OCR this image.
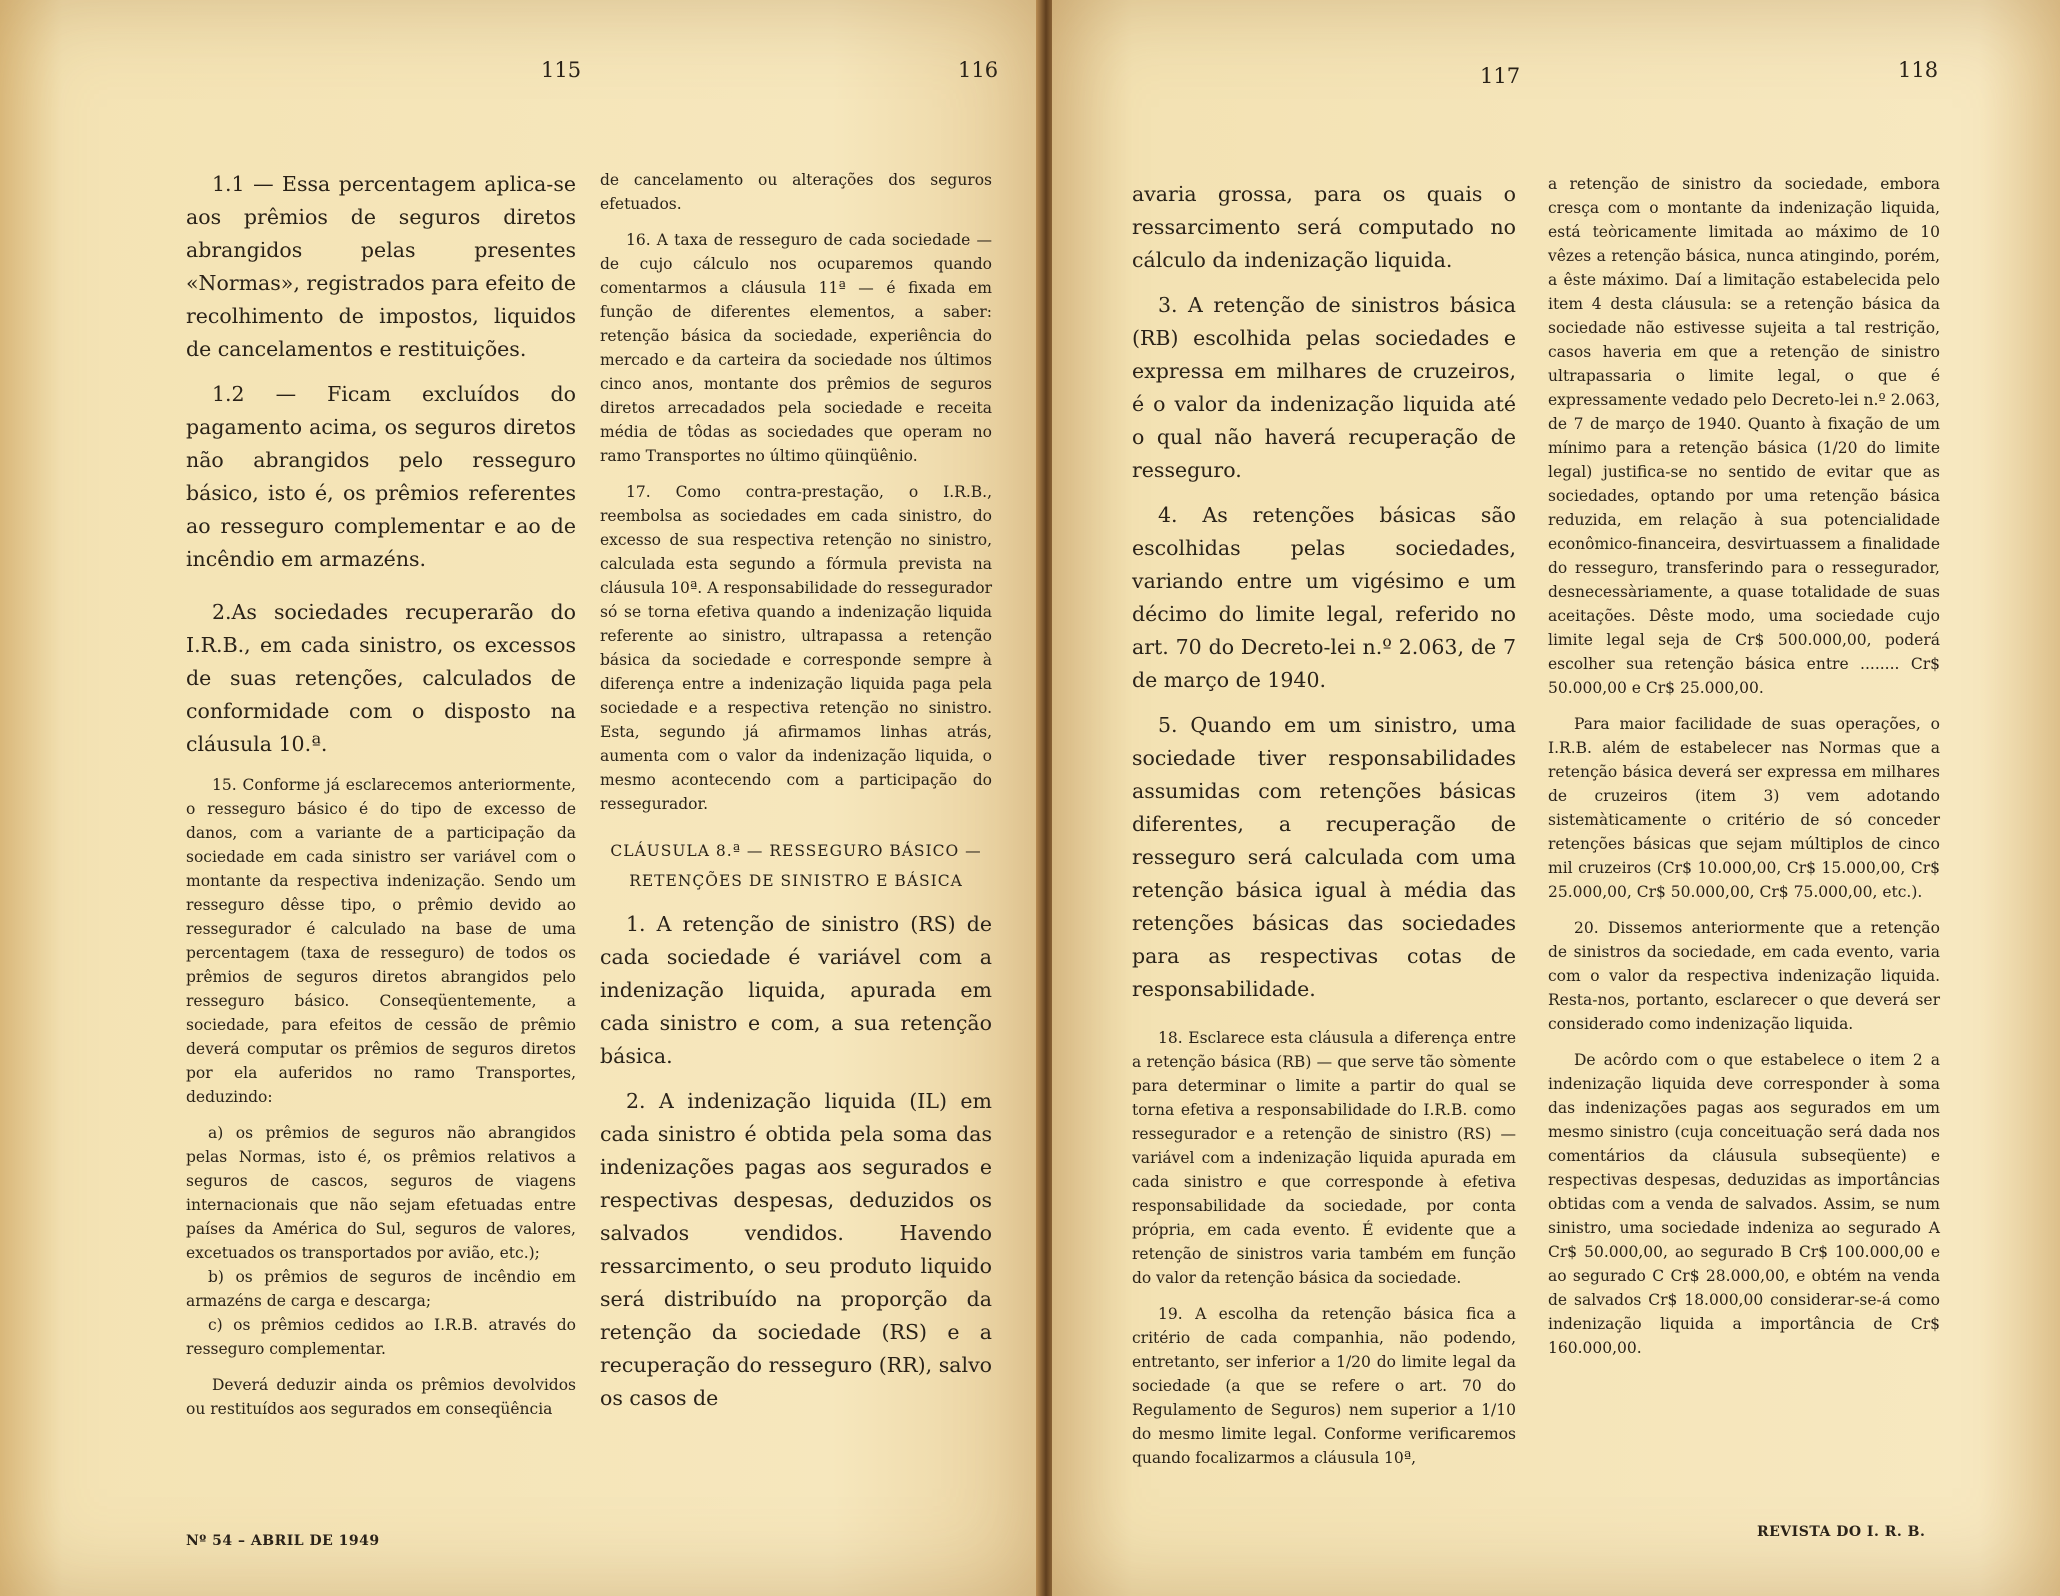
115	116

1.1 — Essa percentagem aplica-se aos prêmios de seguros diretos abrangidos pelas presentes «Normas», registrados para efeito de recolhimento de impostos, liquidos de cancelamentos e restituições.

1.2 — Ficam excluídos do pagamento acima, os seguros diretos não abrangidos pelo resseguro básico, isto é, os prêmios referentes ao resseguro complementar e ao de incêndio em armazéns.

2.As sociedades recuperarão do I.R.B., em cada sinistro, os excessos de suas retenções, calculados de conformidade com o disposto na cláusula 10.ª.

15. Conforme já esclarecemos anteriormente, o resseguro básico é do tipo de excesso de danos, com a variante de a participação da sociedade em cada sinistro ser variável com o montante da respectiva indenização. Sendo um resseguro dêsse tipo, o prêmio devido ao ressegurador é calculado na base de uma percentagem (taxa de resseguro) de todos os prêmios de seguros diretos abrangidos pelo resseguro básico. Conseqüentemente, a sociedade, para efeitos de cessão de prêmio deverá computar os prêmios de seguros diretos por ela auferidos no ramo Transportes, deduzindo:

a) os prêmios de seguros não abrangidos pelas Normas, isto é, os prêmios relativos a seguros de cascos, seguros de viagens internacionais que não sejam efetuadas entre países da América do Sul, seguros de valores, excetuados os transportados por avião, etc.);

b) os prêmios de seguros de incêndio em armazéns de carga e descarga;

c) os prêmios cedidos ao I.R.B. através do resseguro complementar.

Deverá deduzir ainda os prêmios devolvidos ou restituídos aos segurados em conseqüência

de cancelamento ou alterações dos seguros efetuados.

16. A taxa de resseguro de cada sociedade — de cujo cálculo nos ocuparemos quando comentarmos a cláusula 11ª — é fixada em função de diferentes elementos, a saber: retenção básica da sociedade, experiência do mercado e da carteira da sociedade nos últimos cinco anos, montante dos prêmios de seguros diretos arrecadados pela sociedade e receita média de tôdas as sociedades que operam no ramo Transportes no último qüinqüênio.

17. Como contra-prestação, o I.R.B., reembolsa as sociedades em cada sinistro, do excesso de sua respectiva retenção no sinistro, calculada esta segundo a fórmula prevista na cláusula 10ª. A responsabilidade do ressegurador só se torna efetiva quando a indenização liquida referente ao sinistro, ultrapassa a retenção básica da sociedade e corresponde sempre à diferença entre a indenização liquida paga pela sociedade e a respectiva retenção no sinistro. Esta, segundo já afirmamos linhas atrás, aumenta com o valor da indenização liquida, o mesmo acontecendo com a participação do ressegurador.

CLÁUSULA 8.ª — RESSEGURO BÁSICO —

RETENÇÕES DE SINISTRO E BÁSICA

1. A retenção de sinistro (RS) de cada sociedade é variável com a indenização liquida, apurada em cada sinistro e com, a sua retenção básica.

2. A indenização liquida (IL) em cada sinistro é obtida pela soma das indenizações pagas aos segurados e respectivas despesas, deduzidos os salvados vendidos. Havendo ressarcimento, o seu produto liquido será distribuído na proporção da retenção da sociedade (RS) e a recuperação do resseguro (RR), salvo os casos de

Nº 54 – ABRIL DE 1949
117	118

avaria grossa, para os quais o ressarcimento será computado no cálculo da indenização liquida.

3. A retenção de sinistros básica (RB) escolhida pelas sociedades e expressa em milhares de cruzeiros, é o valor da indenização liquida até o qual não haverá recuperação de resseguro.

4. As retenções básicas são escolhidas pelas sociedades, variando entre um vigésimo e um décimo do limite legal, referido no art. 70 do Decreto-lei n.º 2.063, de 7 de março de 1940.

5. Quando em um sinistro, uma sociedade tiver responsabilidades assumidas com retenções básicas diferentes, a recuperação de resseguro será calculada com uma retenção básica igual à média das retenções básicas das sociedades para as respectivas cotas de responsabilidade.

18. Esclarece esta cláusula a diferença entre a retenção básica (RB) — que serve tão sòmente para determinar o limite a partir do qual se torna efetiva a responsabilidade do I.R.B. como ressegurador e a retenção de sinistro (RS) — variável com a indenização liquida apurada em cada sinistro e que corresponde à efetiva responsabilidade da sociedade, por conta própria, em cada evento. É evidente que a retenção de sinistros varia também em função do valor da retenção básica da sociedade.

19. A escolha da retenção básica fica a critério de cada companhia, não podendo, entretanto, ser inferior a 1/20 do limite legal da sociedade (a que se refere o art. 70 do Regulamento de Seguros) nem superior a 1/10 do mesmo limite legal. Conforme verificaremos quando focalizarmos a cláusula 10ª,

a retenção de sinistro da sociedade, embora cresça com o montante da indenização liquida, está teòricamente limitada ao máximo de 10 vêzes a retenção básica, nunca atingindo, porém, a êste máximo. Daí a limitação estabelecida pelo item 4 desta cláusula: se a retenção básica da sociedade não estivesse sujeita a tal restrição, casos haveria em que a retenção de sinistro ultrapassaria o limite legal, o que é expressamente vedado pelo Decreto-lei n.º 2.063, de 7 de março de 1940. Quanto à fixação de um mínimo para a retenção básica (1/20 do limite legal) justifica-se no sentido de evitar que as sociedades, optando por uma retenção básica reduzida, em relação à sua potencialidade econômico-financeira, desvirtuassem a finalidade do resseguro, transferindo para o ressegurador, desnecessàriamente, a quase totalidade de suas aceitações. Dêste modo, uma sociedade cujo limite legal seja de Cr$ 500.000,00, poderá escolher sua retenção básica entre ........ Cr$ 50.000,00 e Cr$ 25.000,00.

Para maior facilidade de suas operações, o I.R.B. além de estabelecer nas Normas que a retenção básica deverá ser expressa em milhares de cruzeiros (item 3) vem adotando sistemàticamente o critério de só conceder retenções básicas que sejam múltiplos de cinco mil cruzeiros (Cr$ 10.000,00, Cr$ 15.000,00, Cr$ 25.000,00, Cr$ 50.000,00, Cr$ 75.000,00, etc.).

20. Dissemos anteriormente que a retenção de sinistros da sociedade, em cada evento, varia com o valor da respectiva indenização liquida. Resta-nos, portanto, esclarecer o que deverá ser considerado como indenização liquida.

De acôrdo com o que estabelece o item 2 a indenização liquida deve corresponder à soma das indenizações pagas aos segurados em um mesmo sinistro (cuja conceituação será dada nos comentários da cláusula subseqüente) e respectivas despesas, deduzidas as importâncias obtidas com a venda de salvados. Assim, se num sinistro, uma sociedade indeniza ao segurado A Cr$ 50.000,00, ao segurado B Cr$ 100.000,00 e ao segurado C Cr$ 28.000,00, e obtém na venda de salvados Cr$ 18.000,00 considerar-se-á como indenização liquida a importância de Cr$ 160.000,00.

REVISTA DO I. R. B.
